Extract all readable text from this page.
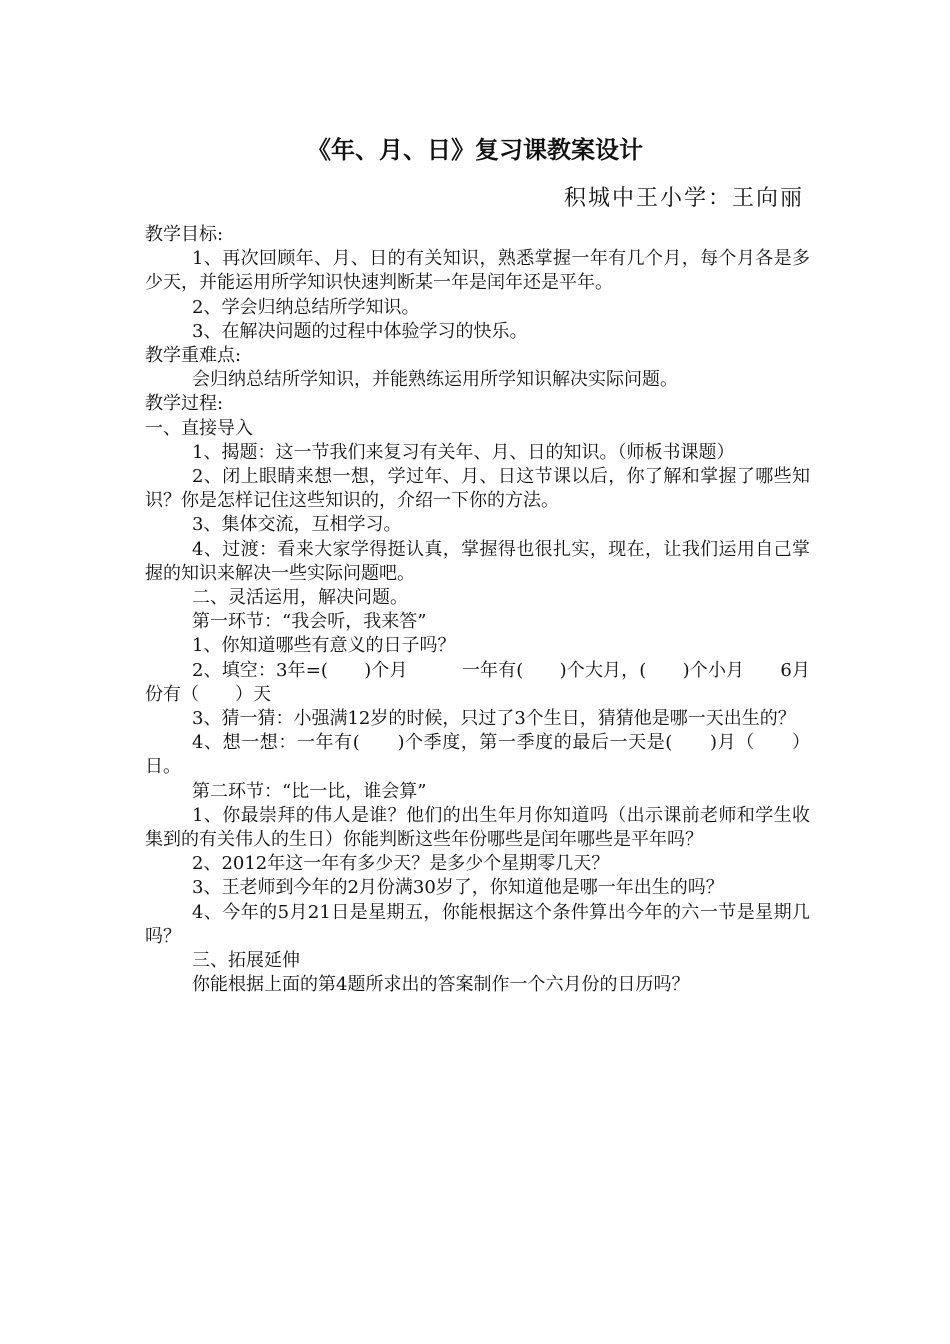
《年、月、日》复习课教案设计
积城中王小学：王向丽

教学目标:

1、再次回顾年、月、日的有关知识，熟悉掌握一年有几个月，每个月各是多少天，并能运用所学知识快速判断某一年是闰年还是平年。

2、学会归纳总结所学知识。

3、在解决问题的过程中体验学习的快乐。

教学重难点:

会归纳总结所学知识，并能熟练运用所学知识解决实际问题。

教学过程:

一、直接导入

1、揭题：这一节我们来复习有关年、月、日的知识。（师板书课题）

2、闭上眼睛来想一想，学过年、月、日这节课以后，你了解和掌握了哪些知识？你是怎样记住这些知识的，介绍一下你的方法。

3、集体交流，互相学习。

4、过渡：看来大家学得挺认真，掌握得也很扎实，现在，让我们运用自己掌握的知识来解决一些实际问题吧。

二、灵活运用，解决问题。

第一环节：“我会听，我来答”

1、你知道哪些有意义的日子吗？

2、填空：3年=(　　)个月　　　一年有(　　)个大月，(　　)个小月　　6月份有（　　）天

3、猜一猜：小强满12岁的时候，只过了3个生日，猜猜他是哪一天出生的？

4、想一想：一年有(　　)个季度，第一季度的最后一天是(　　)月（　　）日。

第二环节：“比一比，谁会算”

1、你最崇拜的伟人是谁？他们的出生年月你知道吗（出示课前老师和学生收集到的有关伟人的生日）你能判断这些年份哪些是闰年哪些是平年吗？

2、2012年这一年有多少天？是多少个星期零几天？

3、王老师到今年的2月份满30岁了，你知道他是哪一年出生的吗？

4、今年的5月21日是星期五，你能根据这个条件算出今年的六一节是星期几吗？

三、拓展延伸

你能根据上面的第4题所求出的答案制作一个六月份的日历吗？
